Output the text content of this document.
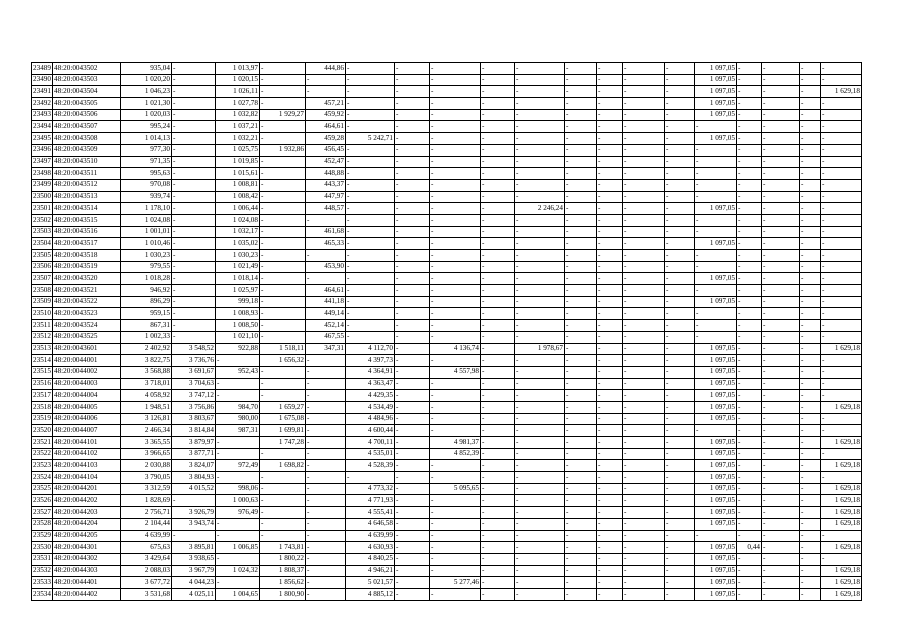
23489	48:20:0043502	935,04	-	1 013,97	-	444,86	-	-	-	-	-	-	-	-	-	1 097,05	-	-	-	-
23490	48:20:0043503	1 020,20	-	1 020,15	-	-	-	-	-	-	-	-	-	-	-	1 097,05	-	-	-	-
23491	48:20:0043504	1 046,23	-	1 026,11	-	-	-	-	-	-	-	-	-	-	-	1 097,05	-	-	-	1 629,18
23492	48:20:0043505	1 021,30	-	1 027,78	-	457,21	-	-	-	-	-	-	-	-	-	1 097,05	-	-	-	-
23493	48:20:0043506	1 020,03	-	1 032,82	1 929,27	459,92	-	-	-	-	-	-	-	-	-	1 097,05	-	-	-	-
23494	48:20:0043507	995,24	-	1 037,21	-	464,61	-	-	-	-	-	-	-	-	-	-	-	-	-	-
23495	48:20:0043508	1 014,13	-	1 032,21	-	459,28	5 242,71	-	-	-	-	-	-	-	-	1 097,05	-	-	-	-
23496	48:20:0043509	977,30	-	1 025,75	1 932,86	456,45	-	-	-	-	-	-	-	-	-	-	-	-	-	-
23497	48:20:0043510	971,35	-	1 019,85	-	452,47	-	-	-	-	-	-	-	-	-	-	-	-	-	-
23498	48:20:0043511	995,63	-	1 015,61	-	448,88	-	-	-	-	-	-	-	-	-	-	-	-	-	-
23499	48:20:0043512	970,08	-	1 008,81	-	443,37	-	-	-	-	-	-	-	-	-	-	-	-	-	-
23500	48:20:0043513	939,74	-	1 008,42	-	447,97	-	-	-	-	-	-	-	-	-	-	-	-	-	-
23501	48:20:0043514	1 178,10	-	1 006,44	-	448,57	-	-	-	-	2 246,24	-	-	-	-	1 097,05	-	-	-	-
23502	48:20:0043515	1 024,08	-	1 024,08	-	-	-	-	-	-	-	-	-	-	-	-	-	-	-	-
23503	48:20:0043516	1 001,01	-	1 032,17	-	461,68	-	-	-	-	-	-	-	-	-	-	-	-	-	-
23504	48:20:0043517	1 010,46	-	1 035,02	-	465,33	-	-	-	-	-	-	-	-	-	1 097,05	-	-	-	-
23505	48:20:0043518	1 030,23	-	1 030,23	-	-	-	-	-	-	-	-	-	-	-	-	-	-	-	-
23506	48:20:0043519	979,55	-	1 021,49	-	453,90	-	-	-	-	-	-	-	-	-	-	-	-	-	-
23507	48:20:0043520	1 018,28	-	1 018,14	-	-	-	-	-	-	-	-	-	-	-	1 097,05	-	-	-	-
23508	48:20:0043521	946,92	-	1 025,97	-	464,61	-	-	-	-	-	-	-	-	-	-	-	-	-	-
23509	48:20:0043522	896,29	-	999,18	-	441,18	-	-	-	-	-	-	-	-	-	1 097,05	-	-	-	-
23510	48:20:0043523	959,15	-	1 008,93	-	449,14	-	-	-	-	-	-	-	-	-	-	-	-	-	-
23511	48:20:0043524	867,31	-	1 008,50	-	452,14	-	-	-	-	-	-	-	-	-	-	-	-	-	-
23512	48:20:0043525	1 002,33	-	1 021,10	-	467,55	-	-	-	-	-	-	-	-	-	-	-	-	-	-
23513	48:20:0043601	2 402,92	3 548,52	922,88	1 518,11	347,31	4 112,70	-	4 136,74	-	1 978,67	-	-	-	-	1 097,05	-	-	-	1 629,18
23514	48:20:0044001	3 822,75	3 736,76	-	1 656,32	-	4 397,73	-	-	-	-	-	-	-	-	1 097,05	-	-	-	-
23515	48:20:0044002	3 568,88	3 691,67	952,43	-	-	4 364,91	-	4 557,98	-	-	-	-	-	-	1 097,05	-	-	-	-
23516	48:20:0044003	3 718,01	3 704,63	-	-	-	4 363,47	-	-	-	-	-	-	-	-	1 097,05	-	-	-	-
23517	48:20:0044004	4 058,92	3 747,12	-	-	-	4 429,35	-	-	-	-	-	-	-	-	1 097,05	-	-	-	-
23518	48:20:0044005	1 948,51	3 756,86	984,70	1 659,27	-	4 534,49	-	-	-	-	-	-	-	-	1 097,05	-	-	-	1 629,18
23519	48:20:0044006	3 126,81	3 803,67	980,00	1 675,08	-	4 484,96	-	-	-	-	-	-	-	-	1 097,05	-	-	-	-
23520	48:20:0044007	2 466,34	3 814,84	987,31	1 699,81	-	4 600,44	-	-	-	-	-	-	-	-	-	-	-	-	-
23521	48:20:0044101	3 365,55	3 879,97	-	1 747,28	-	4 700,11	-	4 981,37	-	-	-	-	-	-	1 097,05	-	-	-	1 629,18
23522	48:20:0044102	3 966,65	3 877,71	-	-	-	4 535,01	-	4 852,39	-	-	-	-	-	-	1 097,05	-	-	-	-
23523	48:20:0044103	2 030,88	3 824,07	972,49	1 698,82	-	4 528,39	-	-	-	-	-	-	-	-	1 097,05	-	-	-	1 629,18
23524	48:20:0044104	3 790,05	3 804,93	-	-	-	-	-	-	-	-	-	-	-	-	1 097,05	-	-	-	-
23525	48:20:0044201	3 312,59	4 015,52	998,06	-	-	4 773,32	-	5 095,65	-	-	-	-	-	-	1 097,05	-	-	-	1 629,18
23526	48:20:0044202	1 828,69	-	1 000,63	-	-	4 771,93	-	-	-	-	-	-	-	-	1 097,05	-	-	-	1 629,18
23527	48:20:0044203	2 756,71	3 926,79	976,49	-	-	4 555,41	-	-	-	-	-	-	-	-	1 097,05	-	-	-	1 629,18
23528	48:20:0044204	2 104,44	3 943,74	-	-	-	4 646,58	-	-	-	-	-	-	-	-	1 097,05	-	-	-	1 629,18
23529	48:20:0044205	4 639,99	-	-	-	-	4 639,99	-	-	-	-	-	-	-	-	-	-	-	-	-
23530	48:20:0044301	675,63	3 895,81	1 006,85	1 743,81	-	4 630,93	-	-	-	-	-	-	-	-	1 097,05	0,44	-	-	1 629,18
23531	48:20:0044302	3 429,64	3 938,65	-	1 800,22	-	4 840,25	-	-	-	-	-	-	-	-	1 097,05	-	-	-	-
23532	48:20:0044303	2 088,03	3 967,79	1 024,32	1 808,37	-	4 946,21	-	-	-	-	-	-	-	-	1 097,05	-	-	-	1 629,18
23533	48:20:0044401	3 677,72	4 044,23	-	1 856,62	-	5 021,57	-	5 277,46	-	-	-	-	-	-	1 097,05	-	-	-	1 629,18
23534	48:20:0044402	3 531,68	4 025,11	1 004,65	1 800,90	-	4 885,12	-	-	-	-	-	-	-	-	1 097,05	-	-	-	1 629,18
